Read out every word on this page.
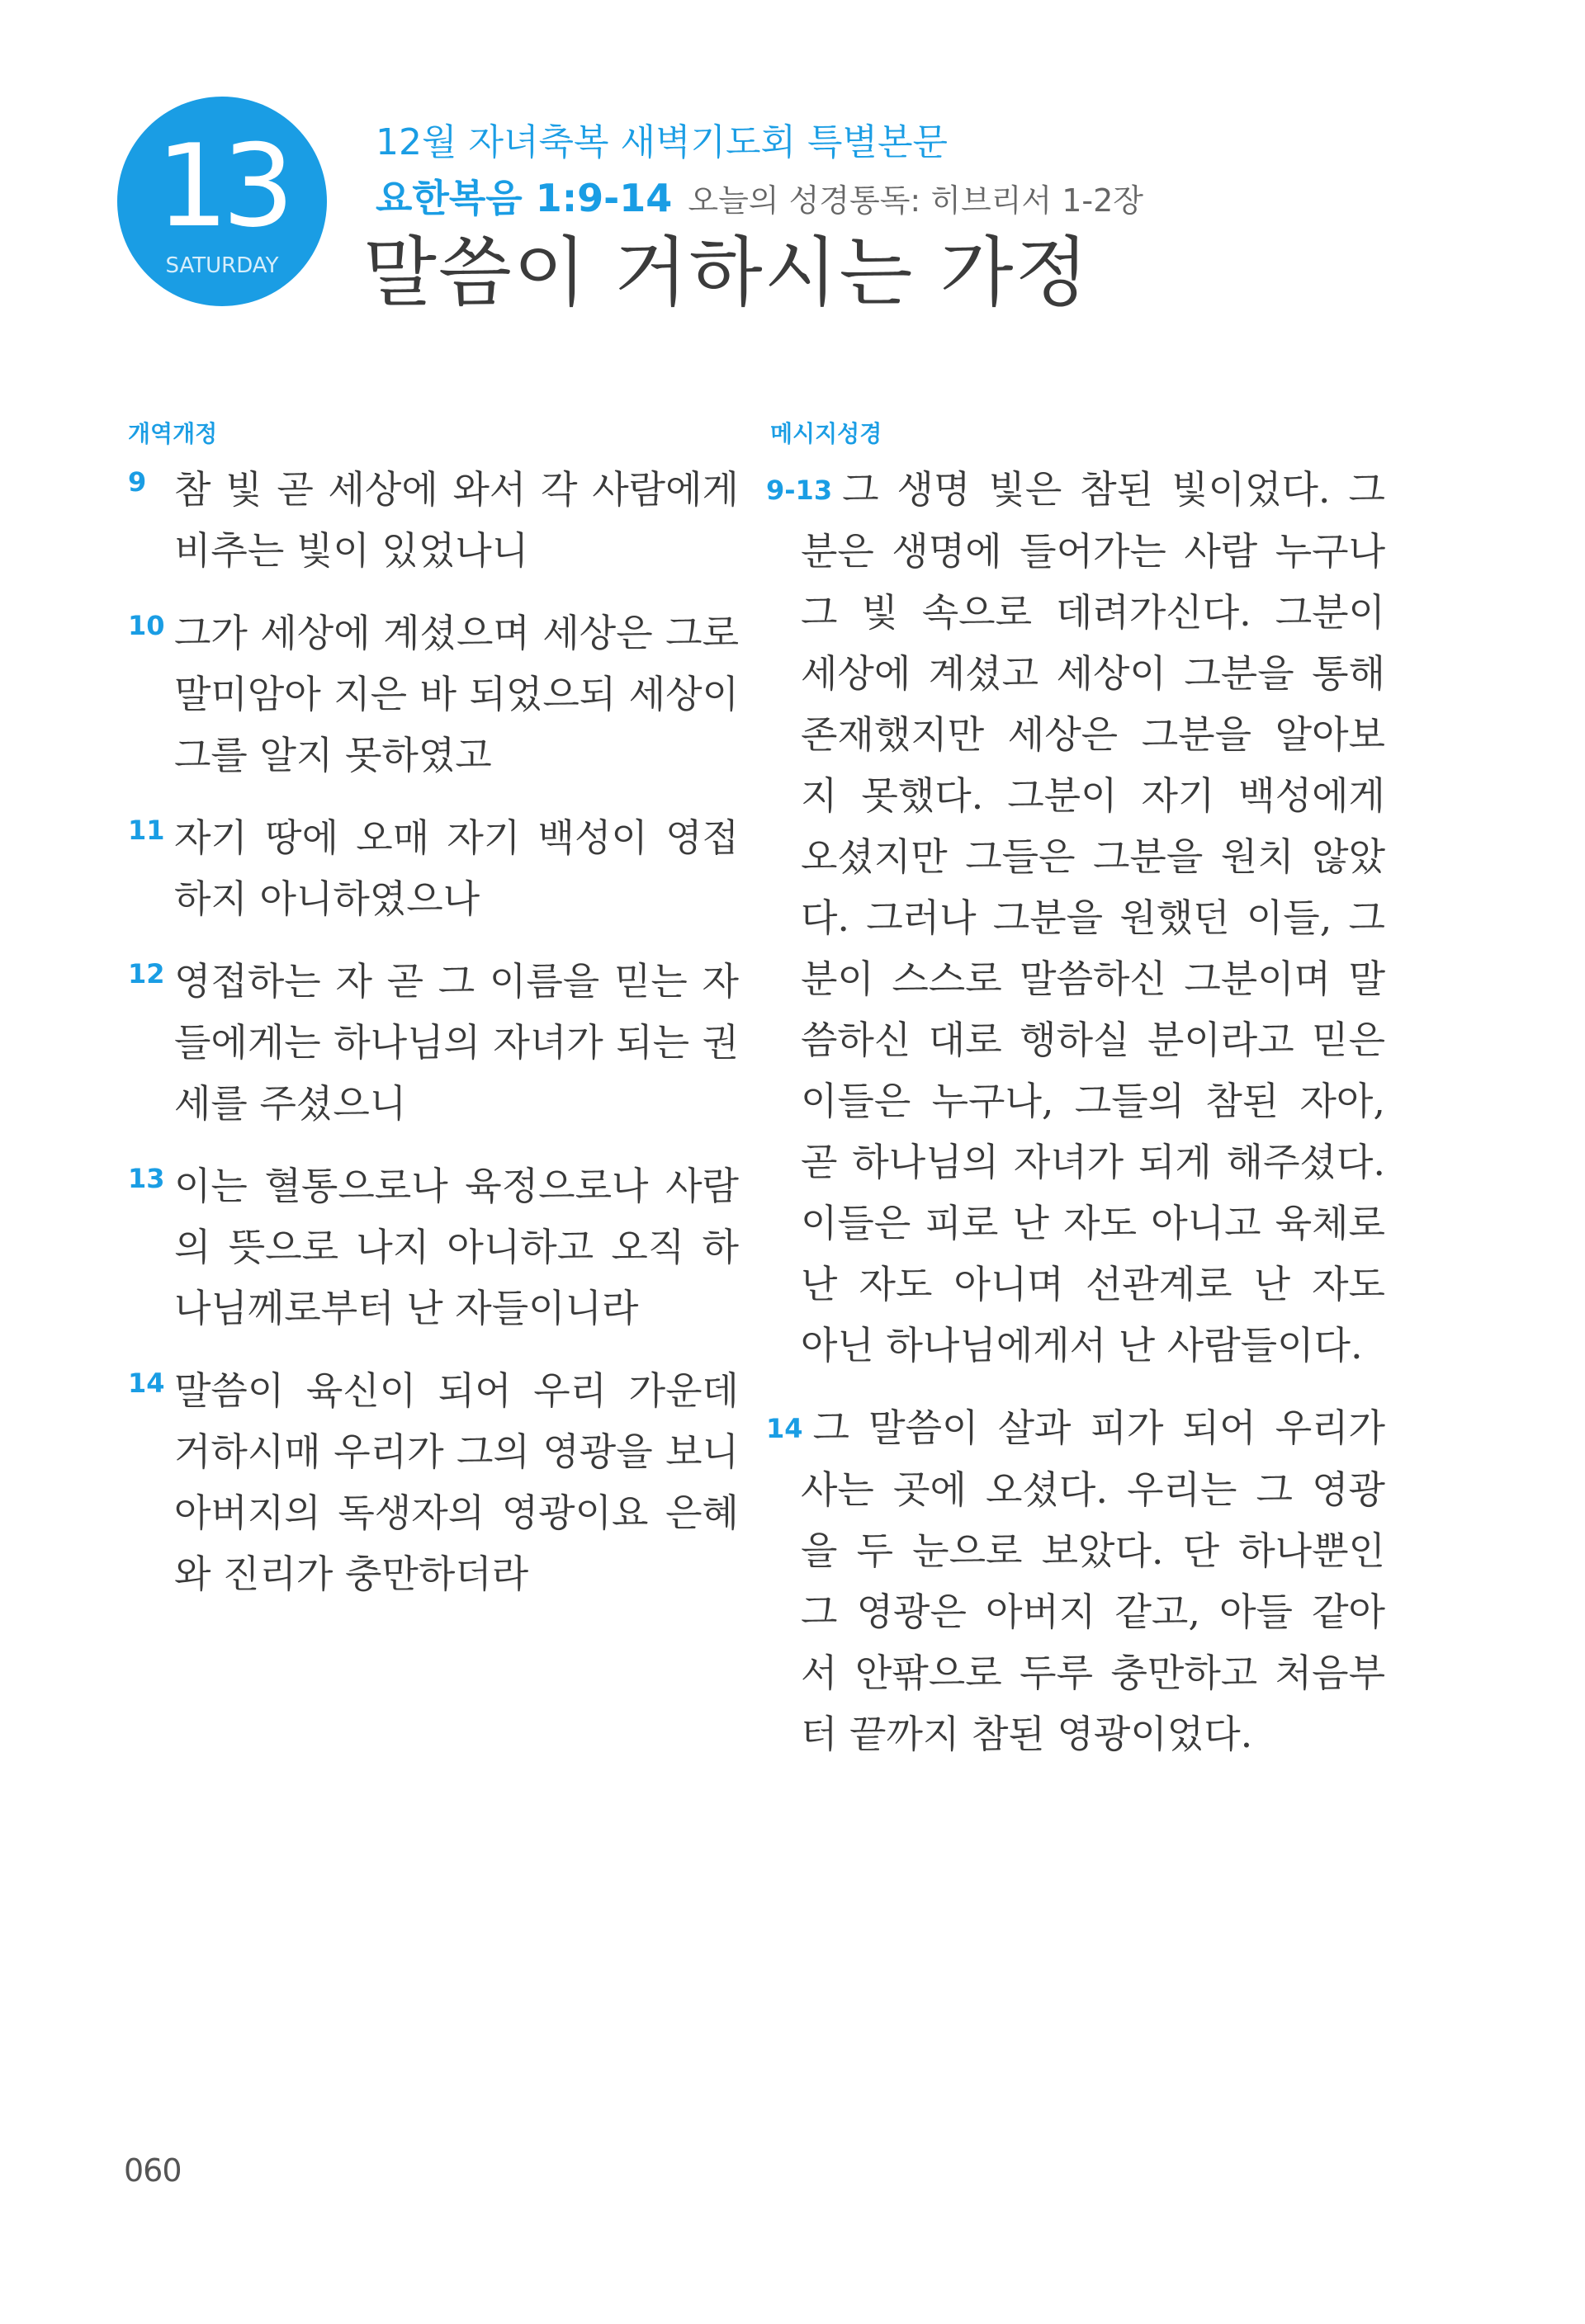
13
SATURDAY
12월 자녀축복 새벽기도회 특별본문
요한복음 1:9-14 오늘의 성경통독: 히브리서 1-2장
말씀이 거하시는 가정
개역개정	메시지성경
9 참 빛 곧 세상에 와서 각 사람에게 비추는 빛이 있었나니
10 그가 세상에 계셨으며 세상은 그로 말미암아 지은 바 되었으되 세상이 그를 알지 못하였고
11 자기 땅에 오매 자기 백성이 영접하지 아니하였으나
12 영접하는 자 곧 그 이름을 믿는 자들에게는 하나님의 자녀가 되는 권세를 주셨으니
13 이는 혈통으로나 육정으로나 사람의 뜻으로 나지 아니하고 오직 하나님께로부터 난 자들이니라
14 말씀이 육신이 되어 우리 가운데 거하시매 우리가 그의 영광을 보니 아버지의 독생자의 영광이요 은혜와 진리가 충만하더라
9-13 그 생명 빛은 참된 빛이었다. 그분은 생명에 들어가는 사람 누구나 그 빛 속으로 데려가신다. 그분이 세상에 계셨고 세상이 그분을 통해 존재했지만 세상은 그분을 알아보지 못했다. 그분이 자기 백성에게 오셨지만 그들은 그분을 원치 않았다. 그러나 그분을 원했던 이들, 그분이 스스로 말씀하신 그분이며 말씀하신 대로 행하실 분이라고 믿은 이들은 누구나, 그들의 참된 자아, 곧 하나님의 자녀가 되게 해주셨다. 이들은 피로 난 자도 아니고 육체로 난 자도 아니며 선관계로 난 자도 아닌 하나님에게서 난 사람들이다.
14 그 말씀이 살과 피가 되어 우리가 사는 곳에 오셨다. 우리는 그 영광을 두 눈으로 보았다. 단 하나뿐인 그 영광은 아버지 같고, 아들 같아서 안팎으로 두루 충만하고 처음부터 끝까지 참된 영광이었다.
060
